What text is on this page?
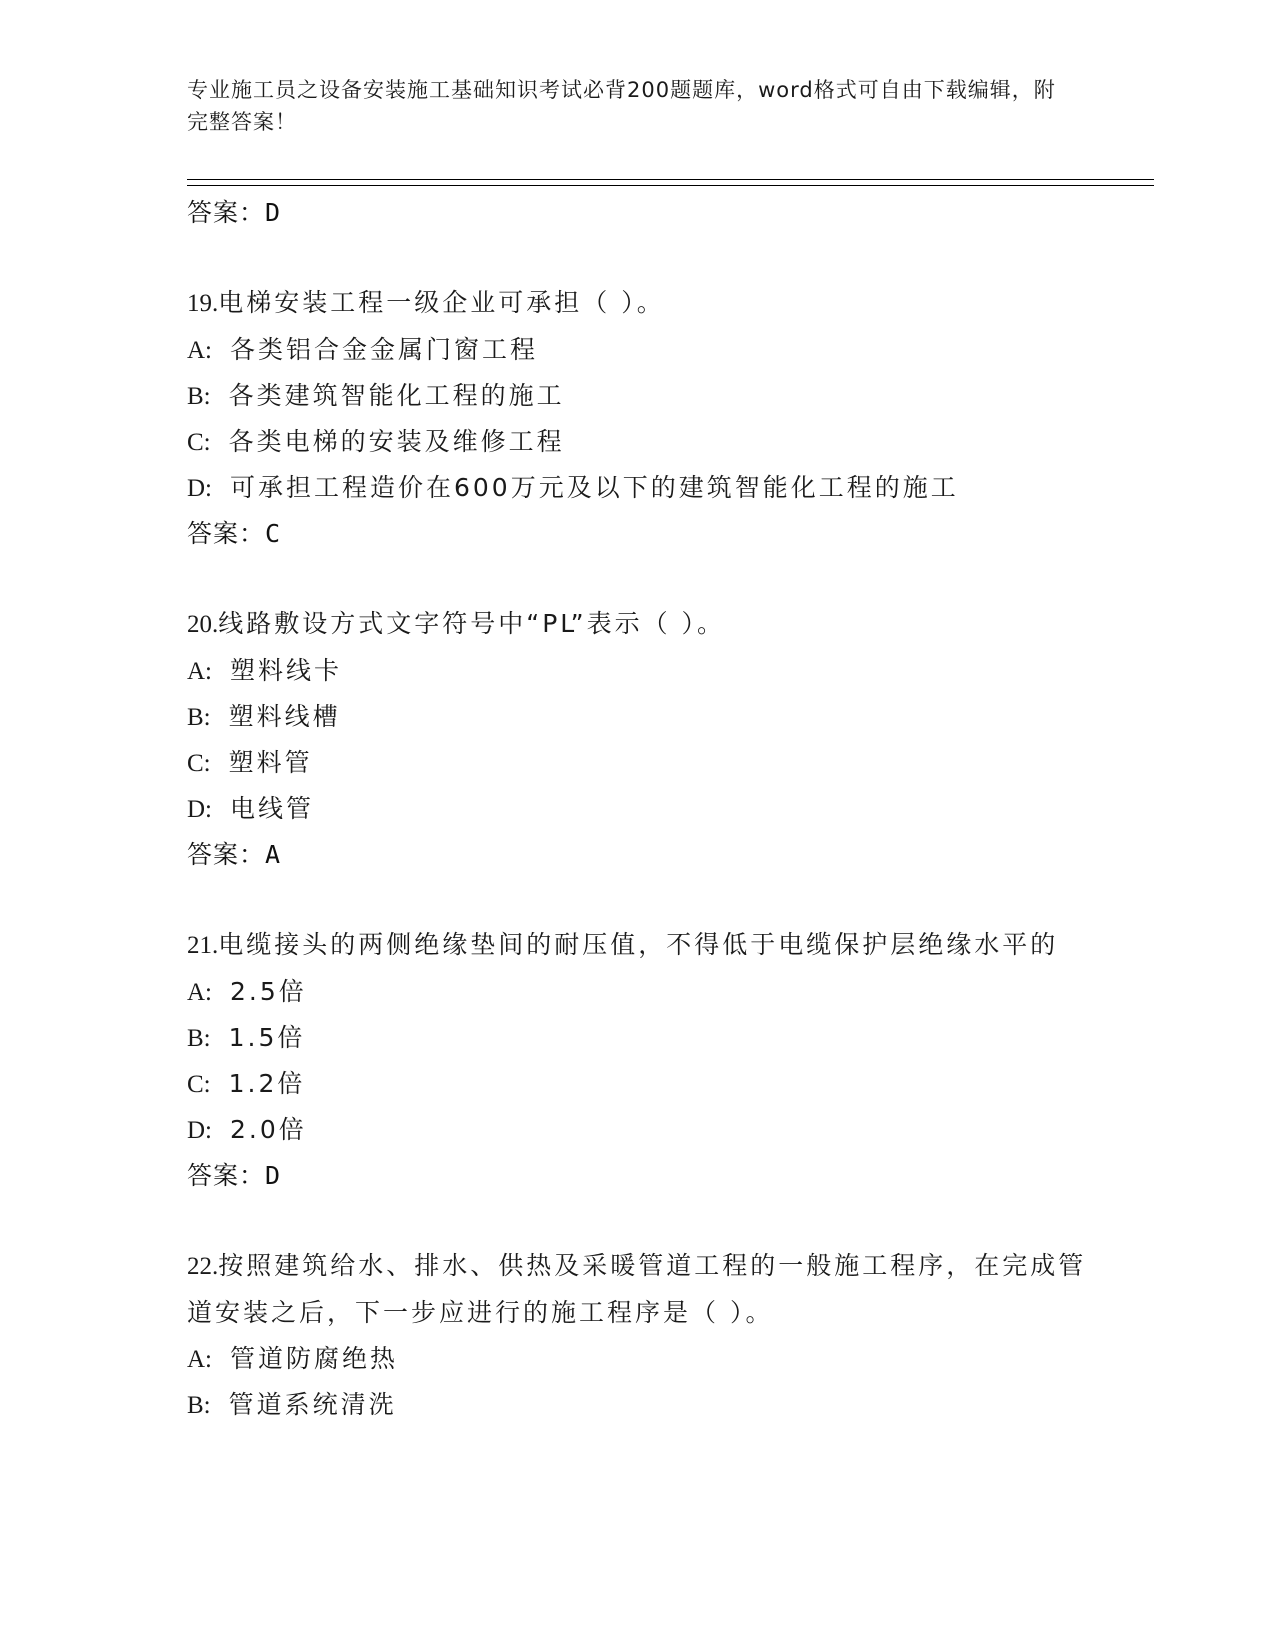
专业施工员之设备安装施工基础知识考试必背200题题库，word格式可自由下载编辑，附完整答案！
答案：D
19.电梯安装工程一级企业可承担（ ）。
A: 各类铝合金金属门窗工程
B: 各类建筑智能化工程的施工
C: 各类电梯的安装及维修工程
D: 可承担工程造价在600万元及以下的建筑智能化工程的施工
答案：C
20.线路敷设方式文字符号中“PL”表示（ ）。
A: 塑料线卡
B: 塑料线槽
C: 塑料管
D: 电线管
答案：A
21.电缆接头的两侧绝缘垫间的耐压值，不得低于电缆保护层绝缘水平的
A: 2.5倍
B: 1.5倍
C: 1.2倍
D: 2.0倍
答案：D
22.按照建筑给水、排水、供热及采暖管道工程的一般施工程序，在完成管道安装之后，下一步应进行的施工程序是（ ）。
A: 管道防腐绝热
B: 管道系统清洗
